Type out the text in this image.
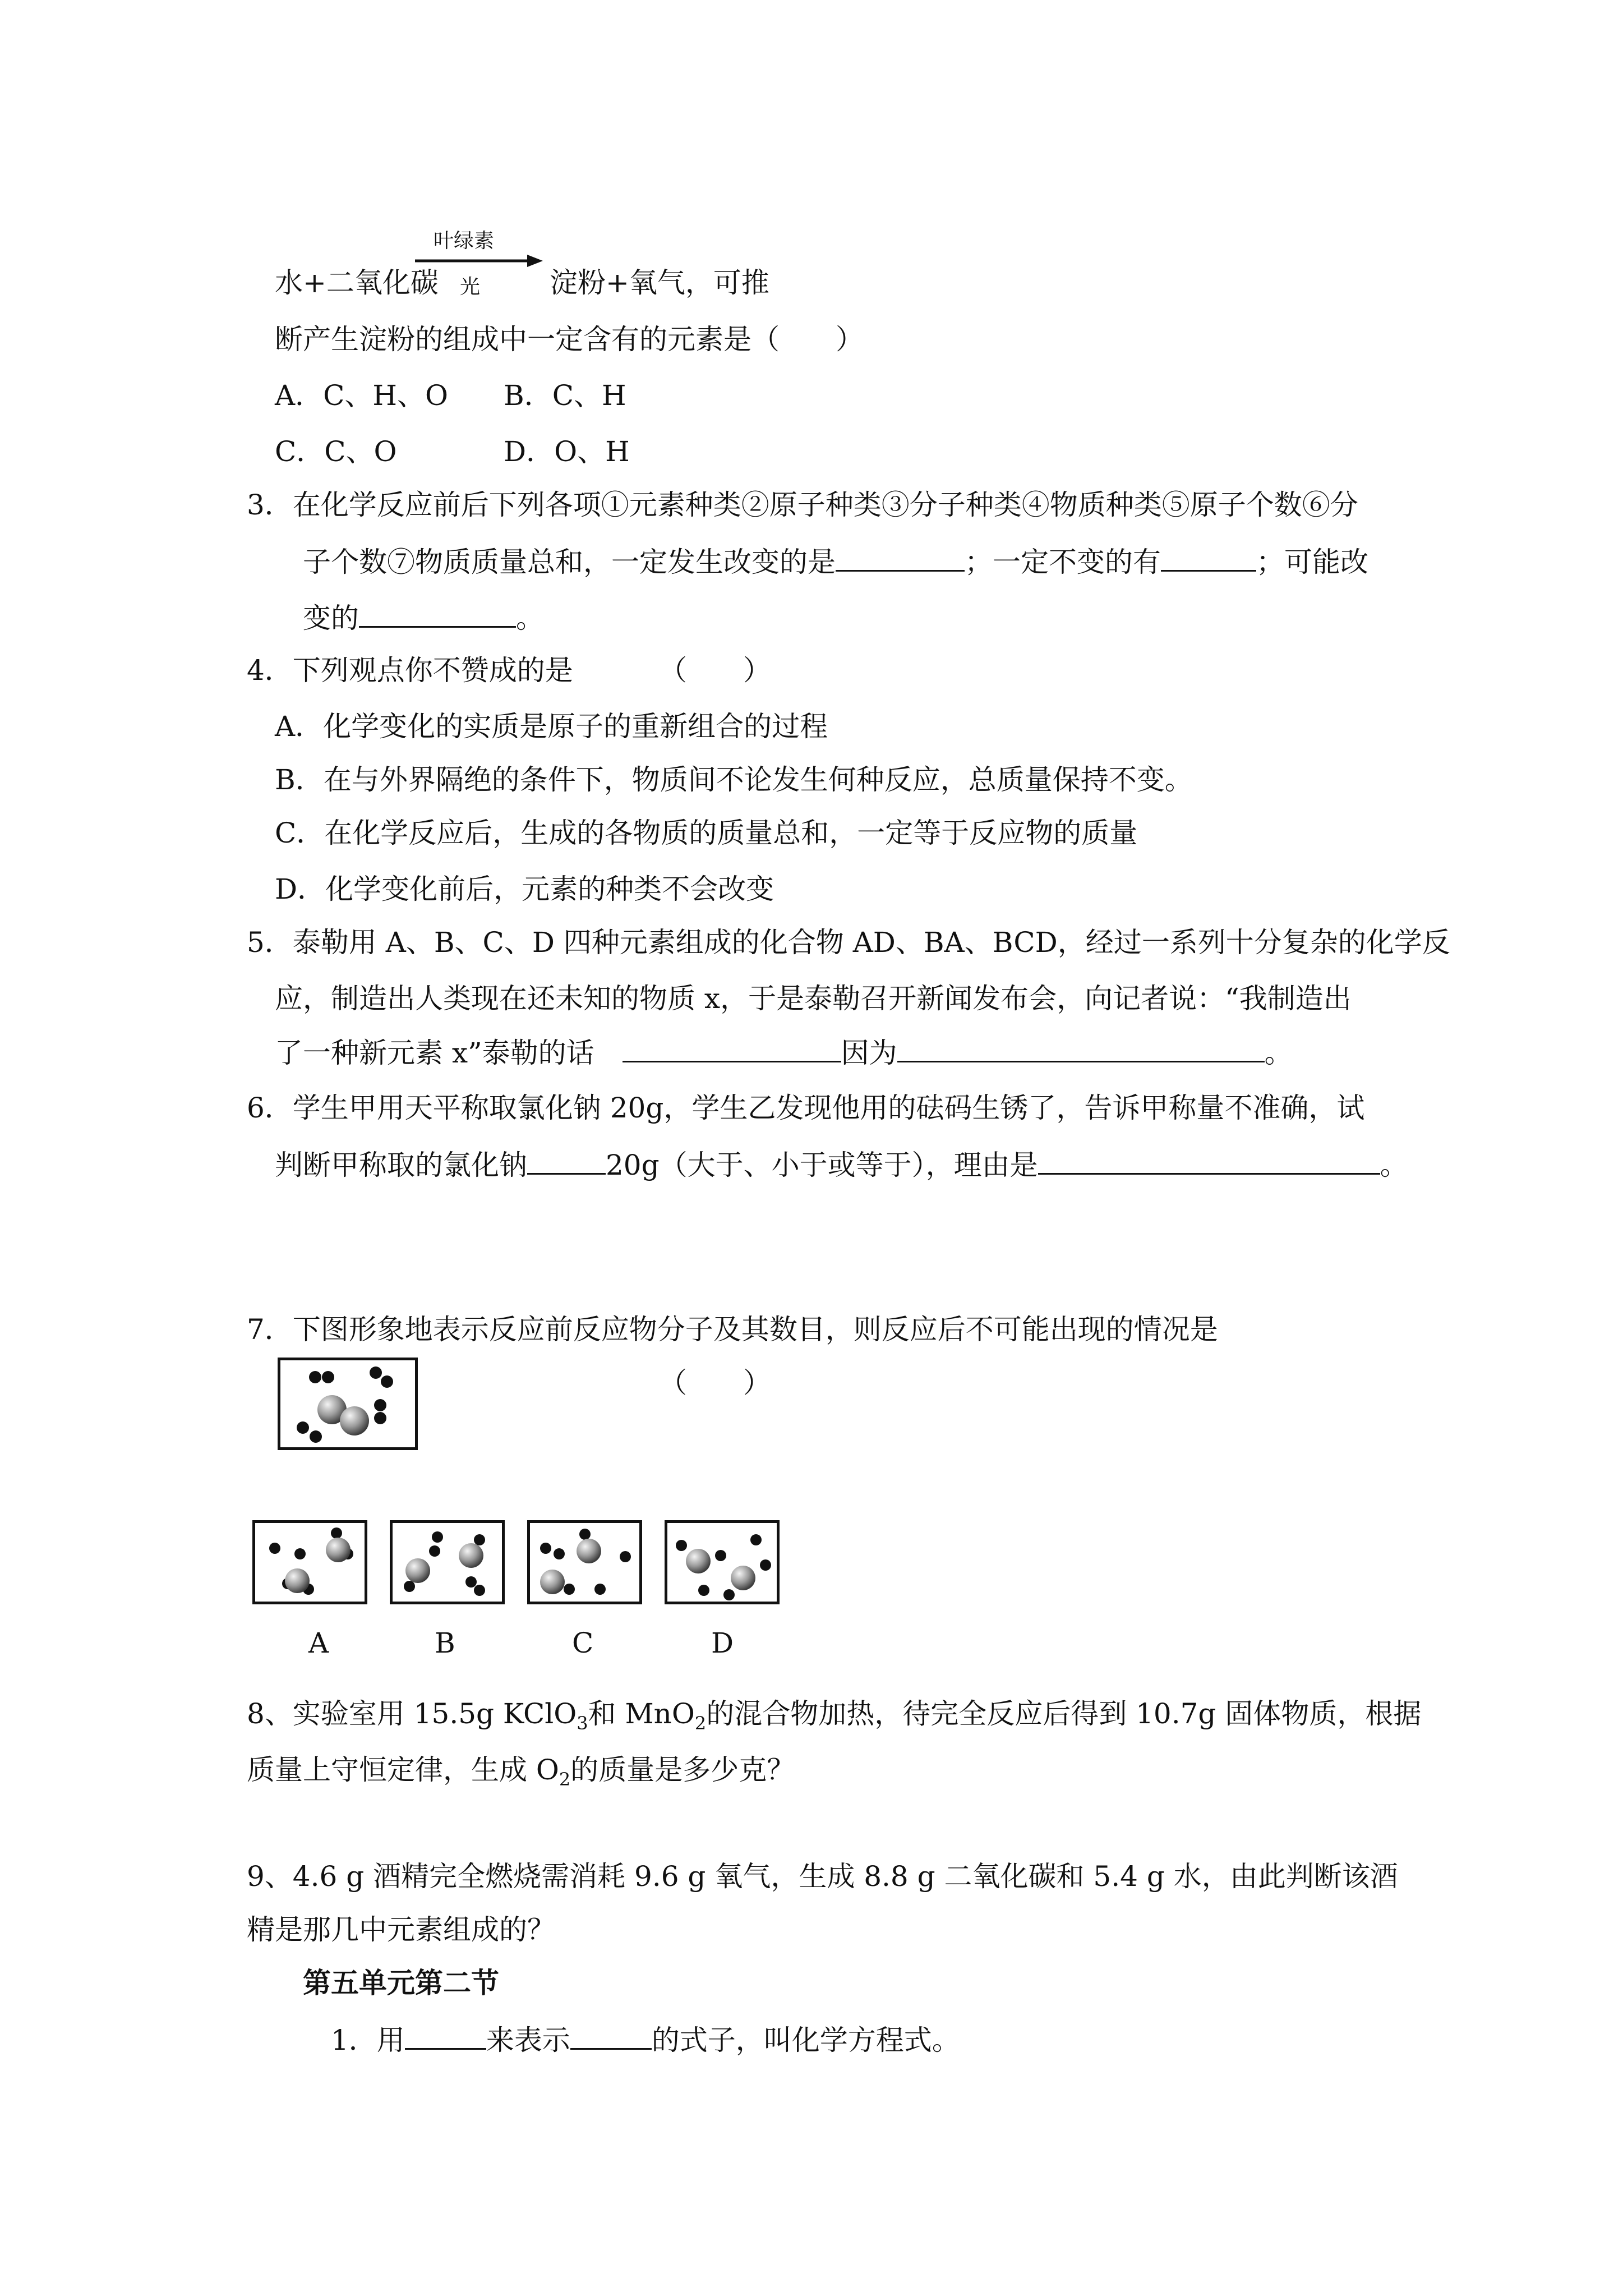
叶绿素
水+二氧化碳 光 淀粉+氧气，可推
断产生淀粉的组成中一定含有的元素是（　　）
A．C、H、O B．C、H
C．C、O	D．O、H
3．在化学反应前后下列各项①元素种类②原子种类③分子种类④物质种类⑤原子个数⑥分
子个数⑦物质质量总和，一定发生改变的是	；一定不变的有	；可能改
变的	。
4．下列观点你不赞成的是	（　　）
A．化学变化的实质是原子的重新组合的过程
B．在与外界隔绝的条件下，物质间不论发生何种反应，总质量保持不变。
C．在化学反应后，生成的各物质的质量总和，一定等于反应物的质量
D．化学变化前后，元素的种类不会改变
5．泰勒用 A、B、C、D 四种元素组成的化合物 AD、BA、BCD，经过一系列十分复杂的化学反
应，制造出人类现在还未知的物质 x，于是泰勒召开新闻发布会，向记者说：“我制造出
了一种新元素 x”泰勒的话 	因为	。
6．学生甲用天平称取氯化钠 20g，学生乙发现他用的砝码生锈了，告诉甲称量不准确，试
判断甲称取的氯化钠	20g（大于、小于或等于），理由是	。
7．下图形象地表示反应前反应物分子及其数目，则反应后不可能出现的情况是
（　　）
A	B	C	D
8、实验室用 15.5g KClO$_3$和 MnO$_2$的混合物加热，待完全反应后得到 10.7g 固体物质，根据
质量上守恒定律，生成 $O_2$的质量是多少克？
9、4.6 g 酒精完全燃烧需消耗 9.6 g 氧气，生成 8.8 g 二氧化碳和 5.4 g 水，由此判断该酒
精是那几中元素组成的？
第五单元第二节
1．用	来表示	的式子，叫化学方程式。
